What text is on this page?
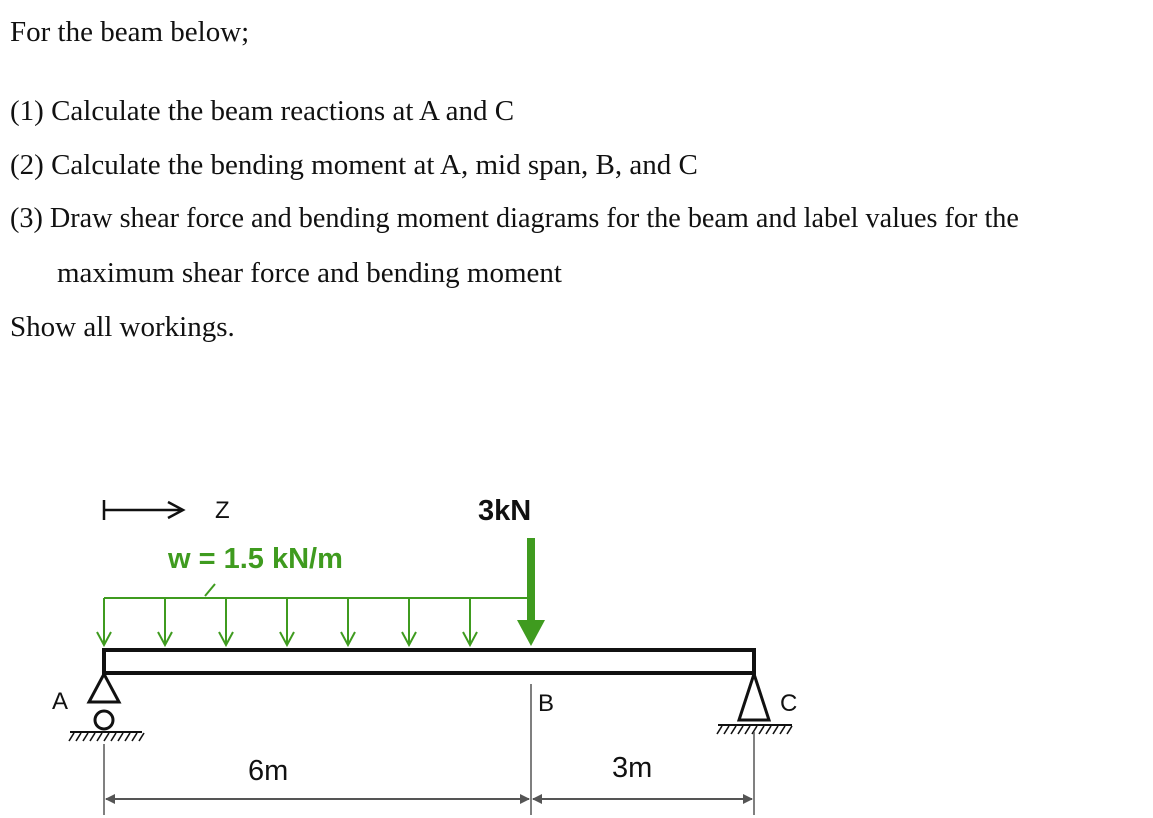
For the beam below;
(1) Calculate the beam reactions at A and C
(2) Calculate the bending moment at A, mid span, B, and C
(3) Draw shear force and bending moment diagrams for the beam and label values for the
maximum shear force and bending moment
Show all workings.
Z
w = 1.5 kN/m
3kN
A	C
B
6m	3m
